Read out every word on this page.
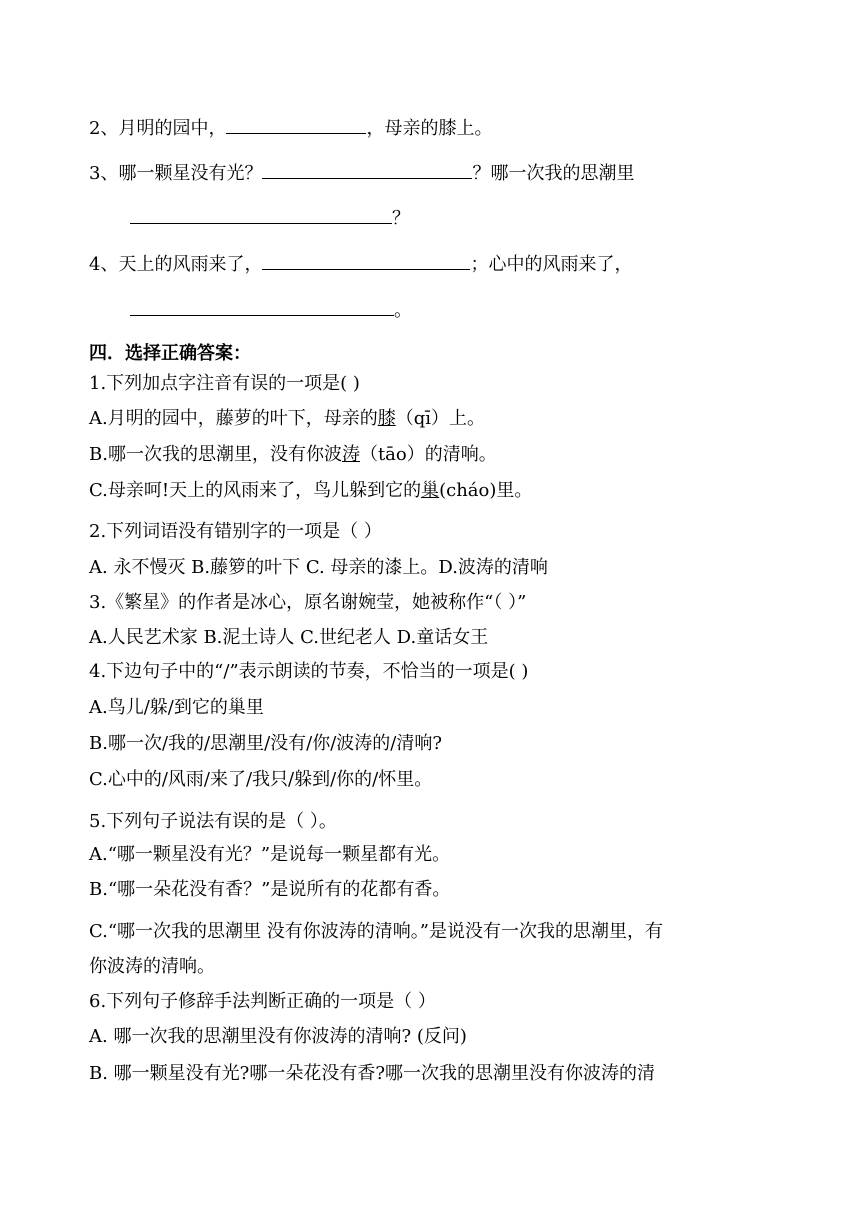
2、月明的园中，	，母亲的膝上。
3、哪一颗星没有光？	？哪一次我的思潮里
？
4、天上的风雨来了，	；心中的风雨来了，
。
四．选择正确答案：
1.下列加点字注音有误的一项是( )
A.月明的园中，藤萝的叶下，母亲的膝（qī）上。
B.哪一次我的思潮里，没有你波涛（tāo）的清响。
C.母亲呵!天上的风雨来了，鸟儿躲到它的巢(cháo)里。
2.下列词语没有错别字的一项是（ ）
A. 永不慢灭 B.藤箩的叶下 C. 母亲的漆上。D.波涛的清响
3.《繁星》的作者是冰心，原名谢婉莹，她被称作“（ ）”
A.人民艺术家 B.泥土诗人 C.世纪老人 D.童话女王
4.下边句子中的“/”表示朗读的节奏，不恰当的一项是( )
A.鸟儿/躲/到它的巢里
B.哪一次/我的/思潮里/没有/你/波涛的/清响?
C.心中的/风雨/来了/我只/躲到/你的/怀里。
5.下列句子说法有误的是（ ）。
A.“哪一颗星没有光？”是说每一颗星都有光。
B.“哪一朵花没有香？”是说所有的花都有香。
C.“哪一次我的思潮里 没有你波涛的清响。”是说没有一次我的思潮里，有
你波涛的清响。
6.下列句子修辞手法判断正确的一项是（ ）
A. 哪一次我的思潮里没有你波涛的清响? (反问)
B. 哪一颗星没有光?哪一朵花没有香?哪一次我的思潮里没有你波涛的清
